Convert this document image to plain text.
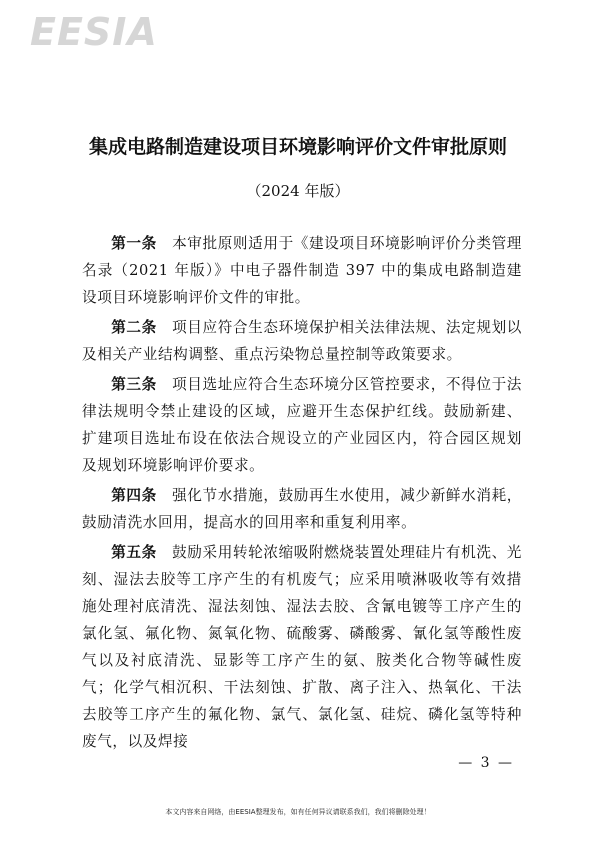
EESIA
集成电路制造建设项目环境影响评价文件审批原则
（2024 年版）

第一条  本审批原则适用于《建设项目环境影响评价分类管理名录（2021 年版）》中电子器件制造 397 中的集成电路制造建设项目环境影响评价文件的审批。

第二条  项目应符合生态环境保护相关法律法规、法定规划以及相关产业结构调整、重点污染物总量控制等政策要求。

第三条  项目选址应符合生态环境分区管控要求，不得位于法律法规明令禁止建设的区域，应避开生态保护红线。鼓励新建、扩建项目选址布设在依法合规设立的产业园区内，符合园区规划及规划环境影响评价要求。

第四条  强化节水措施，鼓励再生水使用，减少新鲜水消耗，鼓励清洗水回用，提高水的回用率和重复利用率。

第五条  鼓励采用转轮浓缩吸附燃烧装置处理硅片有机洗、光刻、湿法去胶等工序产生的有机废气；应采用喷淋吸收等有效措施处理衬底清洗、湿法刻蚀、湿法去胶、含氰电镀等工序产生的氯化氢、氟化物、氮氧化物、硫酸雾、磷酸雾、氰化氢等酸性废气以及衬底清洗、显影等工序产生的氨、胺类化合物等碱性废气；化学气相沉积、干法刻蚀、扩散、离子注入、热氧化、干法去胶等工序产生的氟化物、氯气、氯化氢、硅烷、磷化氢等特种废气，以及焊接

— 3 —
本文内容来自网络，由EESIA整理发布，如有任何异议请联系我们，我们将删除处理！
